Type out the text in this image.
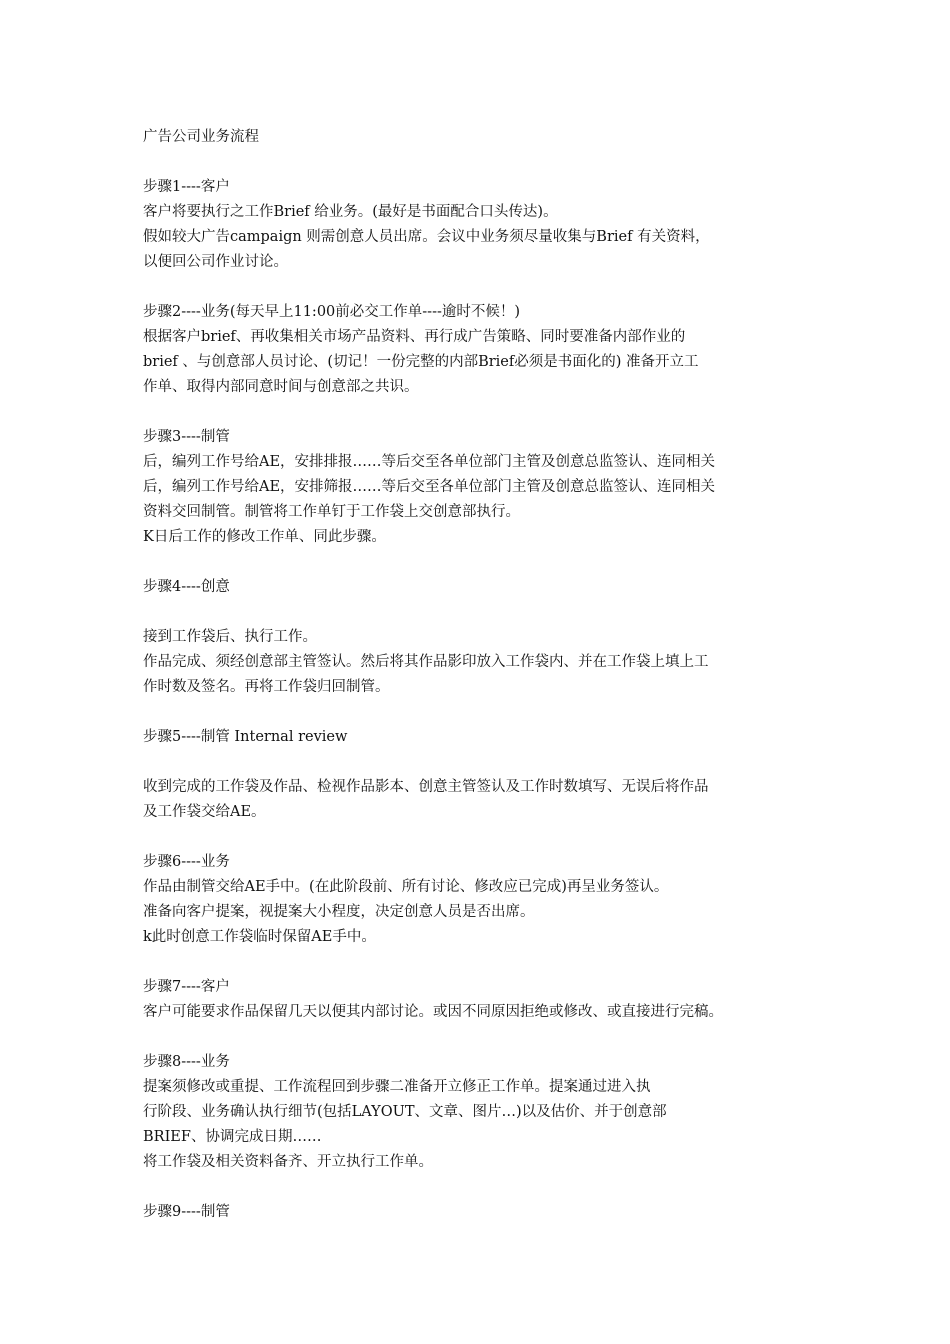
广告公司业务流程
步骤1----客户
客户将要执行之工作Brief 给业务。(最好是书面配合口头传达)。
假如较大广告campaign 则需创意人员出席。会议中业务须尽量收集与Brief 有关资料，
以便回公司作业讨论。
步骤2----业务(每天早上11:00前必交工作单----逾时不候！)
根据客户brief、再收集相关市场产品资料、再行成广告策略、同时要准备内部作业的
brief 、与创意部人员讨论、(切记！一份完整的内部Brief必须是书面化的) 准备开立工
作单、取得内部同意时间与创意部之共识。
步骤3----制管
后，编列工作号给AE，安排排报……等后交至各单位部门主管及创意总监签认、连同相关
后，编列工作号给AE，安排筛报……等后交至各单位部门主管及创意总监签认、连同相关
资料交回制管。制管将工作单钉于工作袋上交创意部执行。
K日后工作的修改工作单、同此步骤。
步骤4----创意
接到工作袋后、执行工作。
作品完成、须经创意部主管签认。然后将其作品影印放入工作袋内、并在工作袋上填上工
作时数及签名。再将工作袋归回制管。
步骤5----制管 Internal review
收到完成的工作袋及作品、检视作品影本、创意主管签认及工作时数填写、无误后将作品
及工作袋交给AE。
步骤6----业务
作品由制管交给AE手中。(在此阶段前、所有讨论、修改应已完成)再呈业务签认。
准备向客户提案，视提案大小程度，决定创意人员是否出席。
k此时创意工作袋临时保留AE手中。
步骤7----客户
客户可能要求作品保留几天以便其内部讨论。或因不同原因拒绝或修改、或直接进行完稿。
步骤8----业务
提案须修改或重提、工作流程回到步骤二准备开立修正工作单。提案通过进入执
行阶段、业务确认执行细节(包括LAYOUT、文章、图片…)以及估价、并于创意部
BRIEF、协调完成日期……
将工作袋及相关资料备齐、开立执行工作单。
步骤9----制管
